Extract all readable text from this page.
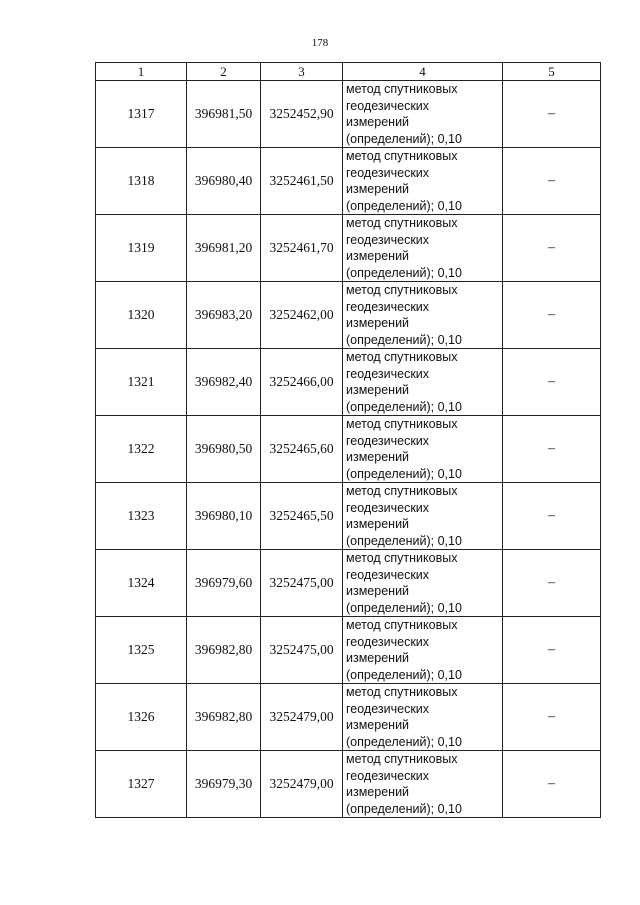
178
1	2	3	4	5
1317	396981,50	3252452,90	метод спутниковых
геодезических
измерений
(определений); 0,10	–
1318	396980,40	3252461,50	метод спутниковых
геодезических
измерений
(определений); 0,10	–
1319	396981,20	3252461,70	метод спутниковых
геодезических
измерений
(определений); 0,10	–
1320	396983,20	3252462,00	метод спутниковых
геодезических
измерений
(определений); 0,10	–
1321	396982,40	3252466,00	метод спутниковых
геодезических
измерений
(определений); 0,10	–
1322	396980,50	3252465,60	метод спутниковых
геодезических
измерений
(определений); 0,10	–
1323	396980,10	3252465,50	метод спутниковых
геодезических
измерений
(определений); 0,10	–
1324	396979,60	3252475,00	метод спутниковых
геодезических
измерений
(определений); 0,10	–
1325	396982,80	3252475,00	метод спутниковых
геодезических
измерений
(определений); 0,10	–
1326	396982,80	3252479,00	метод спутниковых
геодезических
измерений
(определений); 0,10	–
1327	396979,30	3252479,00	метод спутниковых
геодезических
измерений
(определений); 0,10	–
